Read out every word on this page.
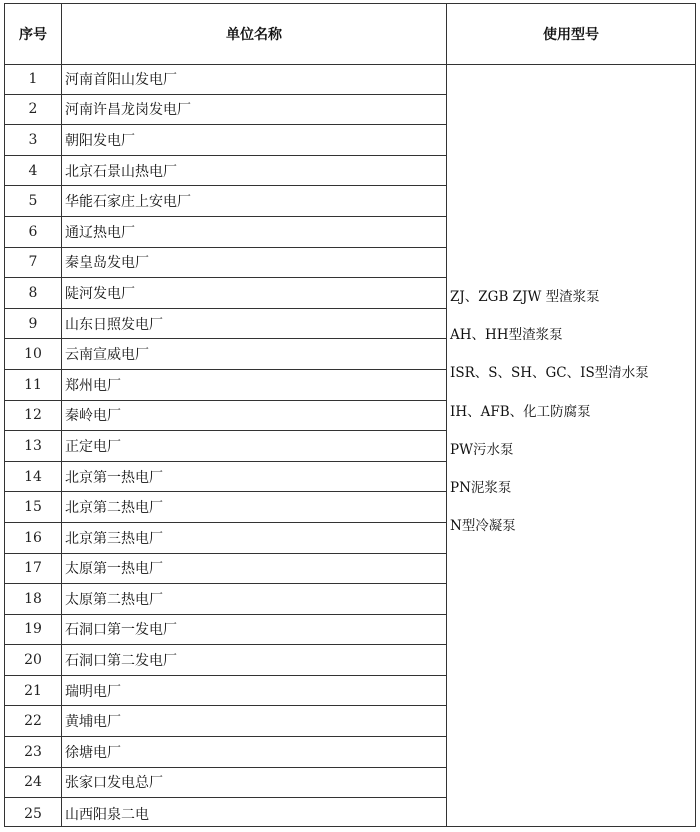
序号	单位名称	使用型号
1	河南首阳山发电厂
2	河南许昌龙岗发电厂
3	朝阳发电厂
4	北京石景山热电厂
5	华能石家庄上安电厂
6	通辽热电厂
7	秦皇岛发电厂
8	陡河发电厂
9	山东日照发电厂
10	云南宣威电厂
11	郑州电厂
12	秦岭电厂
13	正定电厂
14	北京第一热电厂
15	北京第二热电厂
16	北京第三热电厂
17	太原第一热电厂
18	太原第二热电厂
19	石洞口第一发电厂
20	石洞口第二发电厂
21	瑞明电厂
22	黄埔电厂
23	徐塘电厂
24	张家口发电总厂
25	山西阳泉二电
ZJ、ZGB ZJW 型渣浆泵
AH、HH型渣浆泵
ISR、S、SH、GC、IS型清水泵
IH、AFB、化工防腐泵
PW污水泵
PN泥浆泵
N型冷凝泵
